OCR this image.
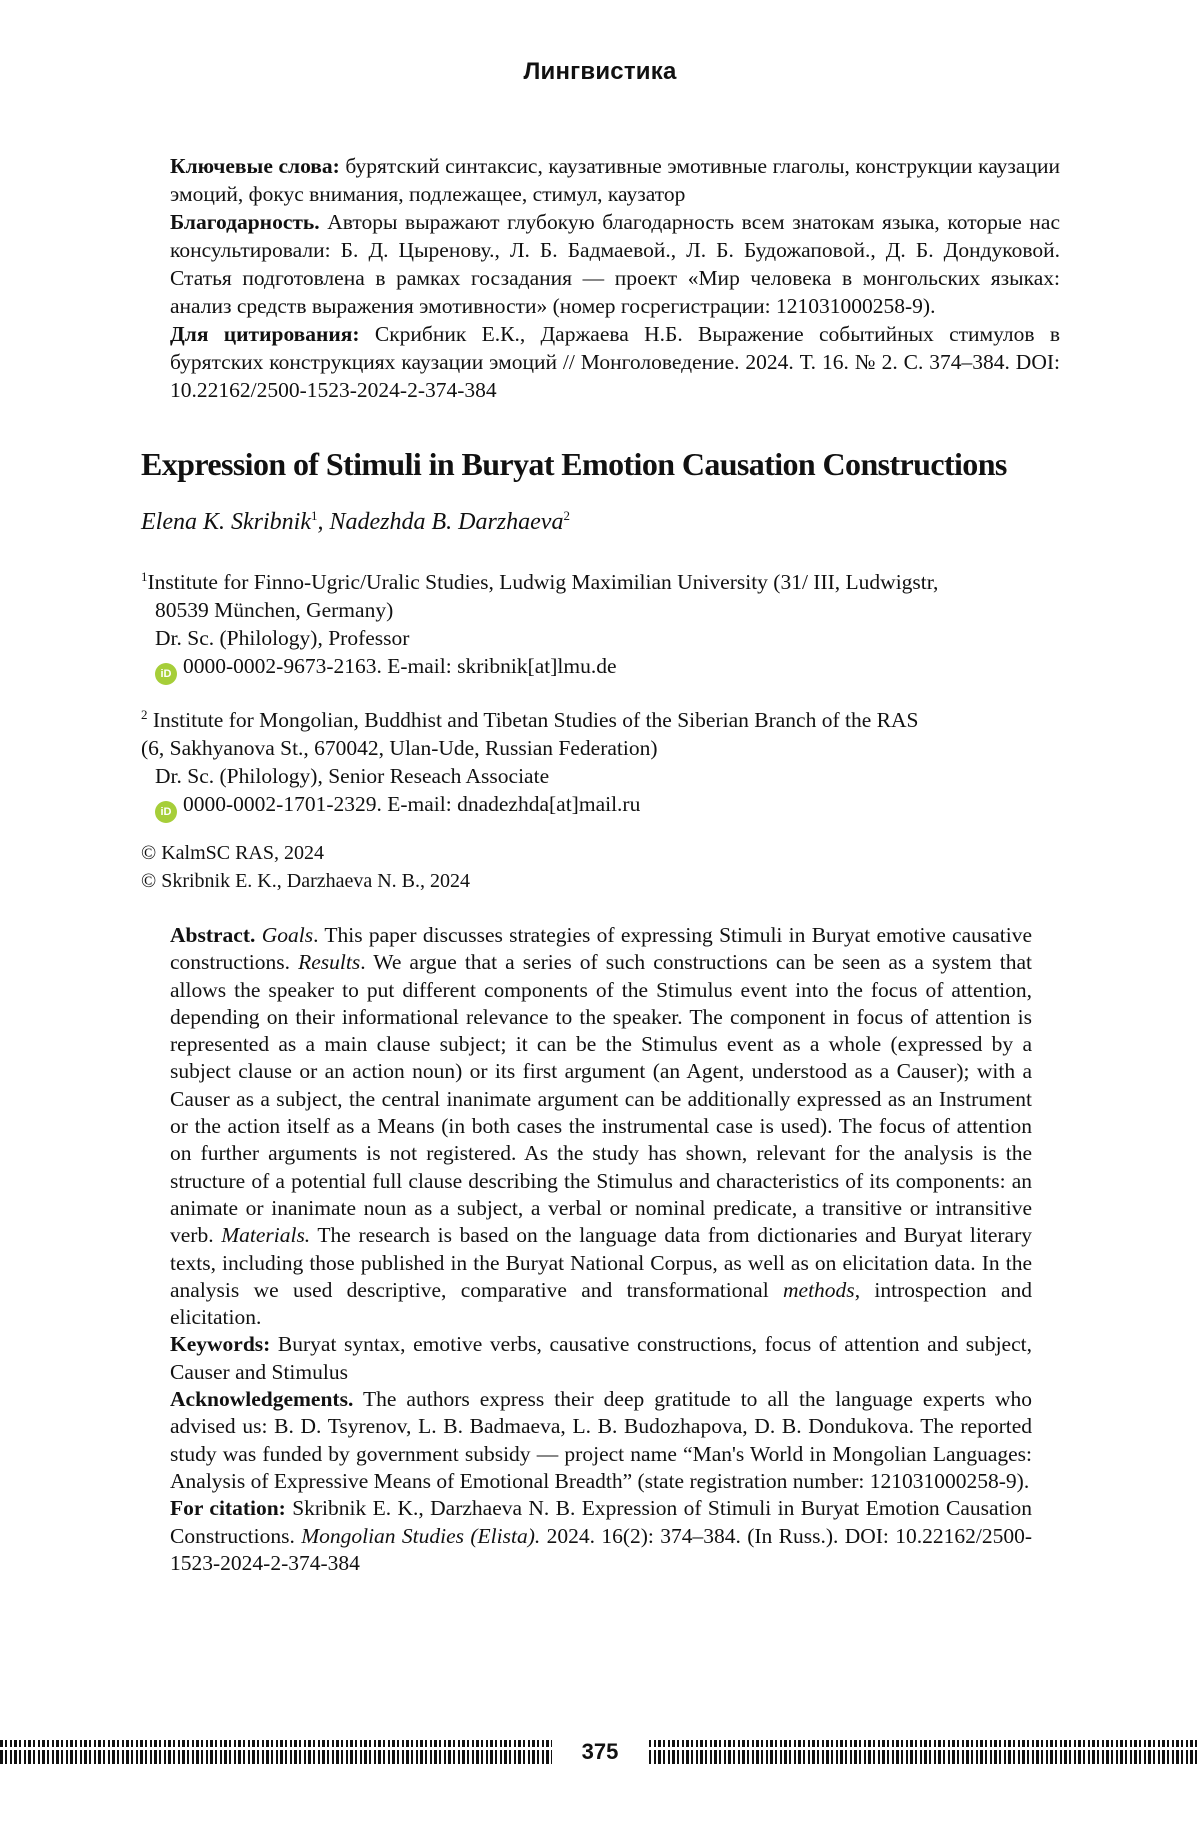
Лингвистика

Ключевые слова: бурятский синтаксис, каузативные эмотивные глаголы, конструкции каузации эмоций, фокус внимания, подлежащее, стимул, каузатор

Благодарность. Авторы выражают глубокую благодарность всем знатокам языка, которые нас консультировали: Б. Д. Цыренову., Л. Б. Бадмаевой., Л. Б. Будожаповой., Д. Б. Дондуковой. Статья подготовлена в рамках госзадания — проект «Мир человека в монгольских языках: анализ средств выражения эмотивности» (номер госрегистрации: 121031000258-9).

Для цитирования: Скрибник Е.К., Даржаева Н.Б. Выражение событийных стимулов в бурятских конструкциях каузации эмоций // Монголоведение. 2024. Т. 16. № 2. С. 374–384. DOI: 10.22162/2500-1523-2024-2-374-384

Expression of Stimuli in Buryat Emotion Causation Constructions
Elena K. Skribnik1, Nadezhda B. Darzhaeva2
1Institute for Finno-Ugric/Uralic Studies, Ludwig Maximilian University (31/ III, Ludwigstr,
80539 München, Germany)
Dr. Sc. (Philology), Professor
iD 0000-0002-9673-2163. E-mail: skribnik[at]lmu.de
2 Institute for Mongolian, Buddhist and Tibetan Studies of the Siberian Branch of the RAS
(6, Sakhyanova St., 670042, Ulan-Ude, Russian Federation)
Dr. Sc. (Philology), Senior Reseach Associate
iD 0000-0002-1701-2329. E-mail: dnadezhda[at]mail.ru
© KalmSC RAS, 2024
© Skribnik E. K., Darzhaeva N. B., 2024

Abstract. Goals. This paper discusses strategies of expressing Stimuli in Buryat emotive causative constructions. Results. We argue that a series of such constructions can be seen as a system that allows the speaker to put different components of the Stimulus event into the focus of attention, depending on their informational relevance to the speaker. The component in focus of attention is represented as a main clause subject; it can be the Stimulus event as a whole (expressed by a subject clause or an action noun) or its first argument (an Agent, understood as a Causer); with a Causer as a subject, the central inanimate argument can be additionally expressed as an Instrument or the action itself as a Means (in both cases the instrumental case is used). The focus of attention on further arguments is not registered. As the study has shown, relevant for the analysis is the structure of a potential full clause describing the Stimulus and characteristics of its components: an animate or inanimate noun as a subject, a verbal or nominal predicate, a transitive or intransitive verb. Materials. The research is based on the language data from dictionaries and Buryat literary texts, including those published in the Buryat National Corpus, as well as on elicitation data. In the analysis we used descriptive, comparative and transformational methods, introspection and elicitation.

Keywords: Buryat syntax, emotive verbs, causative constructions, focus of attention and subject, Causer and Stimulus

Acknowledgements. The authors express their deep gratitude to all the language experts who advised us: B. D. Tsyrenov, L. B. Badmaeva, L. B. Budozhapova, D. B. Dondukova. The reported study was funded by government subsidy — project name “Man's World in Mongolian Languages: Analysis of Expressive Means of Emotional Breadth” (state registration number: 121031000258-9).

For citation: Skribnik E. K., Darzhaeva N. B. Expression of Stimuli in Buryat Emotion Causation Constructions. Mongolian Studies (Elista). 2024. 16(2): 374–384. (In Russ.). DOI: 10.22162/2500-1523-2024-2-374-384

375
